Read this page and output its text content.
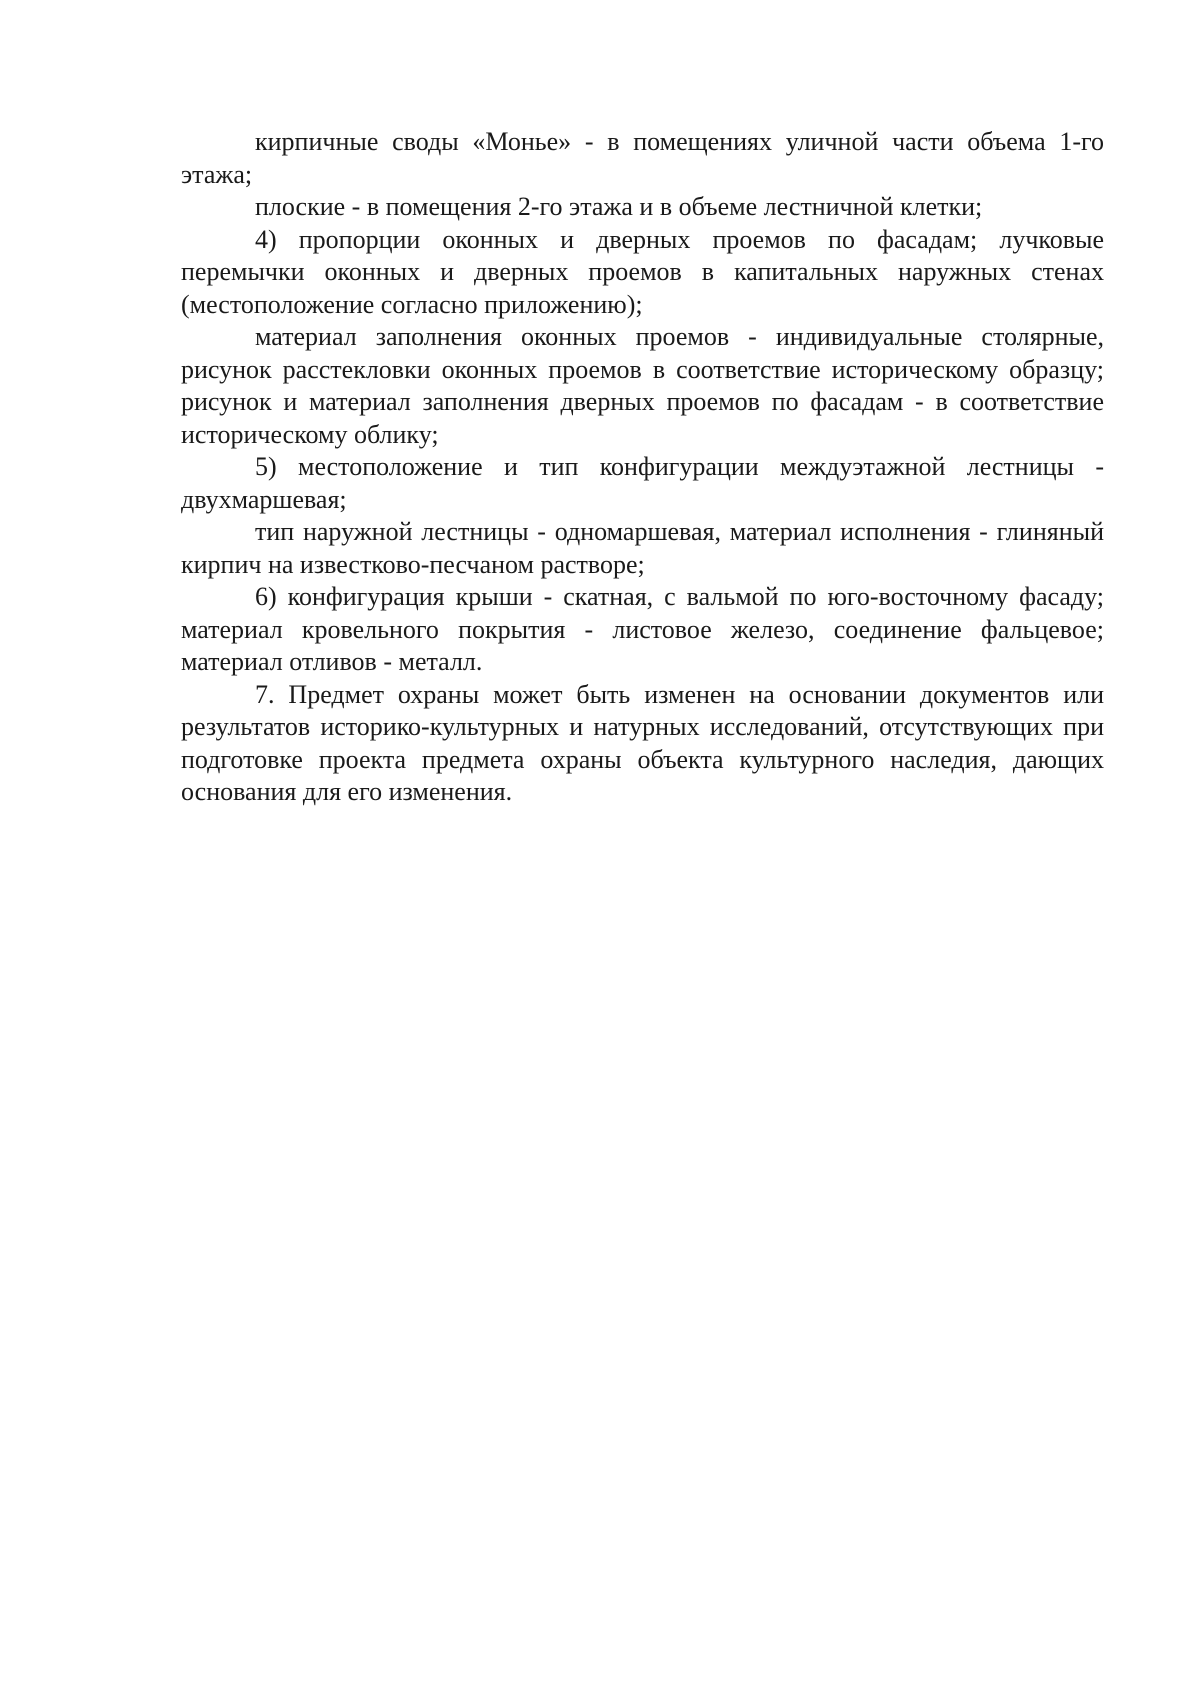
кирпичные своды «Монье» - в помещениях уличной части объема 1-го этажа;

плоские - в помещения 2-го этажа и в объеме лестничной клетки;

4) пропорции оконных и дверных проемов по фасадам; лучковые перемычки оконных и дверных проемов в капитальных наружных стенах (местоположение согласно приложению);

материал заполнения оконных проемов - индивидуальные столярные, рисунок расстекловки оконных проемов в соответствие историческому образцу; рисунок и материал заполнения дверных проемов по фасадам - в соответствие историческому облику;

5) местоположение и тип конфигурации междуэтажной лестницы - двухмаршевая;

тип наружной лестницы - одномаршевая, материал исполнения - глиняный кирпич на известково-песчаном растворе;

6) конфигурация крыши - скатная, с вальмой по юго-восточному фасаду; материал кровельного покрытия - листовое железо, соединение фальцевое; материал отливов - металл.

7. Предмет охраны может быть изменен на основании документов или результатов историко-культурных и натурных исследований, отсутствующих при подготовке проекта предмета охраны объекта культурного наследия, дающих основания для его изменения.
